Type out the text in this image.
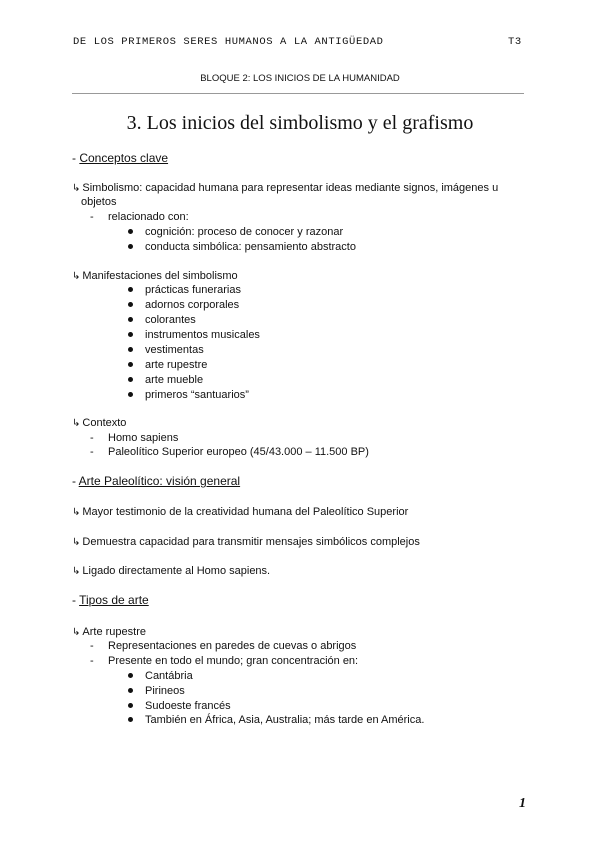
DE LOS PRIMEROS SERES HUMANOS A LA ANTIGÜEDAD	T3
BLOQUE 2: LOS INICIOS DE LA HUMANIDAD
3. Los inicios del simbolismo y el grafismo
- Conceptos clave
↳ Simbolismo: capacidad humana para representar ideas mediante signos, imágenes u
objetos
- relacionado con:
cognición: proceso de conocer y razonar
conducta simbólica: pensamiento abstracto
↳ Manifestaciones del simbolismo
prácticas funerarias
adornos corporales
colorantes
instrumentos musicales
vestimentas
arte rupestre
arte mueble
primeros “santuarios”
↳ Contexto
- Homo sapiens
- Paleolítico Superior europeo (45/43.000 – 11.500 BP)
- Arte Paleolítico: visión general
↳ Mayor testimonio de la creatividad humana del Paleolítico Superior
↳ Demuestra capacidad para transmitir mensajes simbólicos complejos
↳ Ligado directamente al Homo sapiens.
- Tipos de arte
↳ Arte rupestre
- Representaciones en paredes de cuevas o abrigos
- Presente en todo el mundo; gran concentración en:
Cantábria
Pirineos
Sudoeste francés
También en África, Asia, Australia; más tarde en América.
1
